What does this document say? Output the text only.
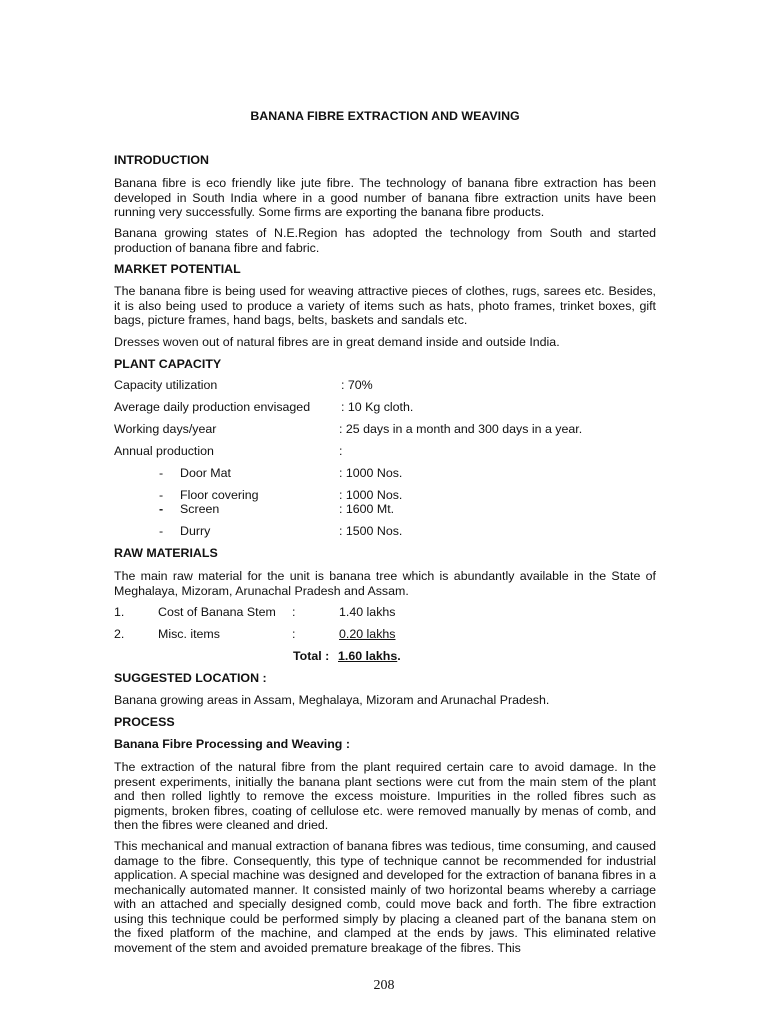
BANANA FIBRE EXTRACTION AND WEAVING
INTRODUCTION
Banana fibre is eco friendly like jute fibre. The technology of banana fibre extraction has been developed in South India where in a good number of banana fibre extraction units have been running very successfully. Some firms are exporting the banana fibre products.
Banana growing states of N.E.Region has adopted the technology from South and started production of banana fibre and fabric.
MARKET POTENTIAL
The banana fibre is being used for weaving attractive pieces of clothes, rugs, sarees etc. Besides, it is also being used to produce a variety of items such as hats, photo frames, trinket boxes, gift bags, picture frames, hand bags, belts, baskets and sandals etc.
Dresses woven out of natural fibres are in great demand inside and outside India.
PLANT CAPACITY
Capacity utilization	: 70%
Average daily production envisaged : 10 Kg cloth.
Working days/year	: 25 days in a month and 300 days in a year.
Annual production	:
- Door Mat	: 1000 Nos.
- Floor covering	: 1000 Nos.
- Screen	: 1600 Mt.
- Durry	: 1500 Nos.
RAW MATERIALS
The main raw material for the unit is banana tree which is abundantly available in the State of Meghalaya, Mizoram, Arunachal Pradesh and Assam.
1.	Cost of Banana Stem :	1.40 lakhs
2.	Misc. items	:	0.20 lakhs
Total : 1.60 lakhs.
SUGGESTED LOCATION :
Banana growing areas in Assam, Meghalaya, Mizoram and Arunachal Pradesh.
PROCESS
Banana Fibre Processing and Weaving :
The extraction of the natural fibre from the plant required certain care to avoid damage. In the present experiments, initially the banana plant sections were cut from the main stem of the plant and then rolled lightly to remove the excess moisture. Impurities in the rolled fibres such as pigments, broken fibres, coating of cellulose etc. were removed manually by menas of comb, and then the fibres were cleaned and dried.
This mechanical and manual extraction of banana fibres was tedious, time consuming, and caused damage to the fibre. Consequently, this type of technique cannot be recommended for industrial application. A special machine was designed and developed for the extraction of banana fibres in a mechanically automated manner. It consisted mainly of two horizontal beams whereby a carriage with an attached and specially designed comb, could move back and forth. The fibre extraction using this technique could be performed simply by placing a cleaned part of the banana stem on the fixed platform of the machine, and clamped at the ends by jaws. This eliminated relative movement of the stem and avoided premature breakage of the fibres. This
208
